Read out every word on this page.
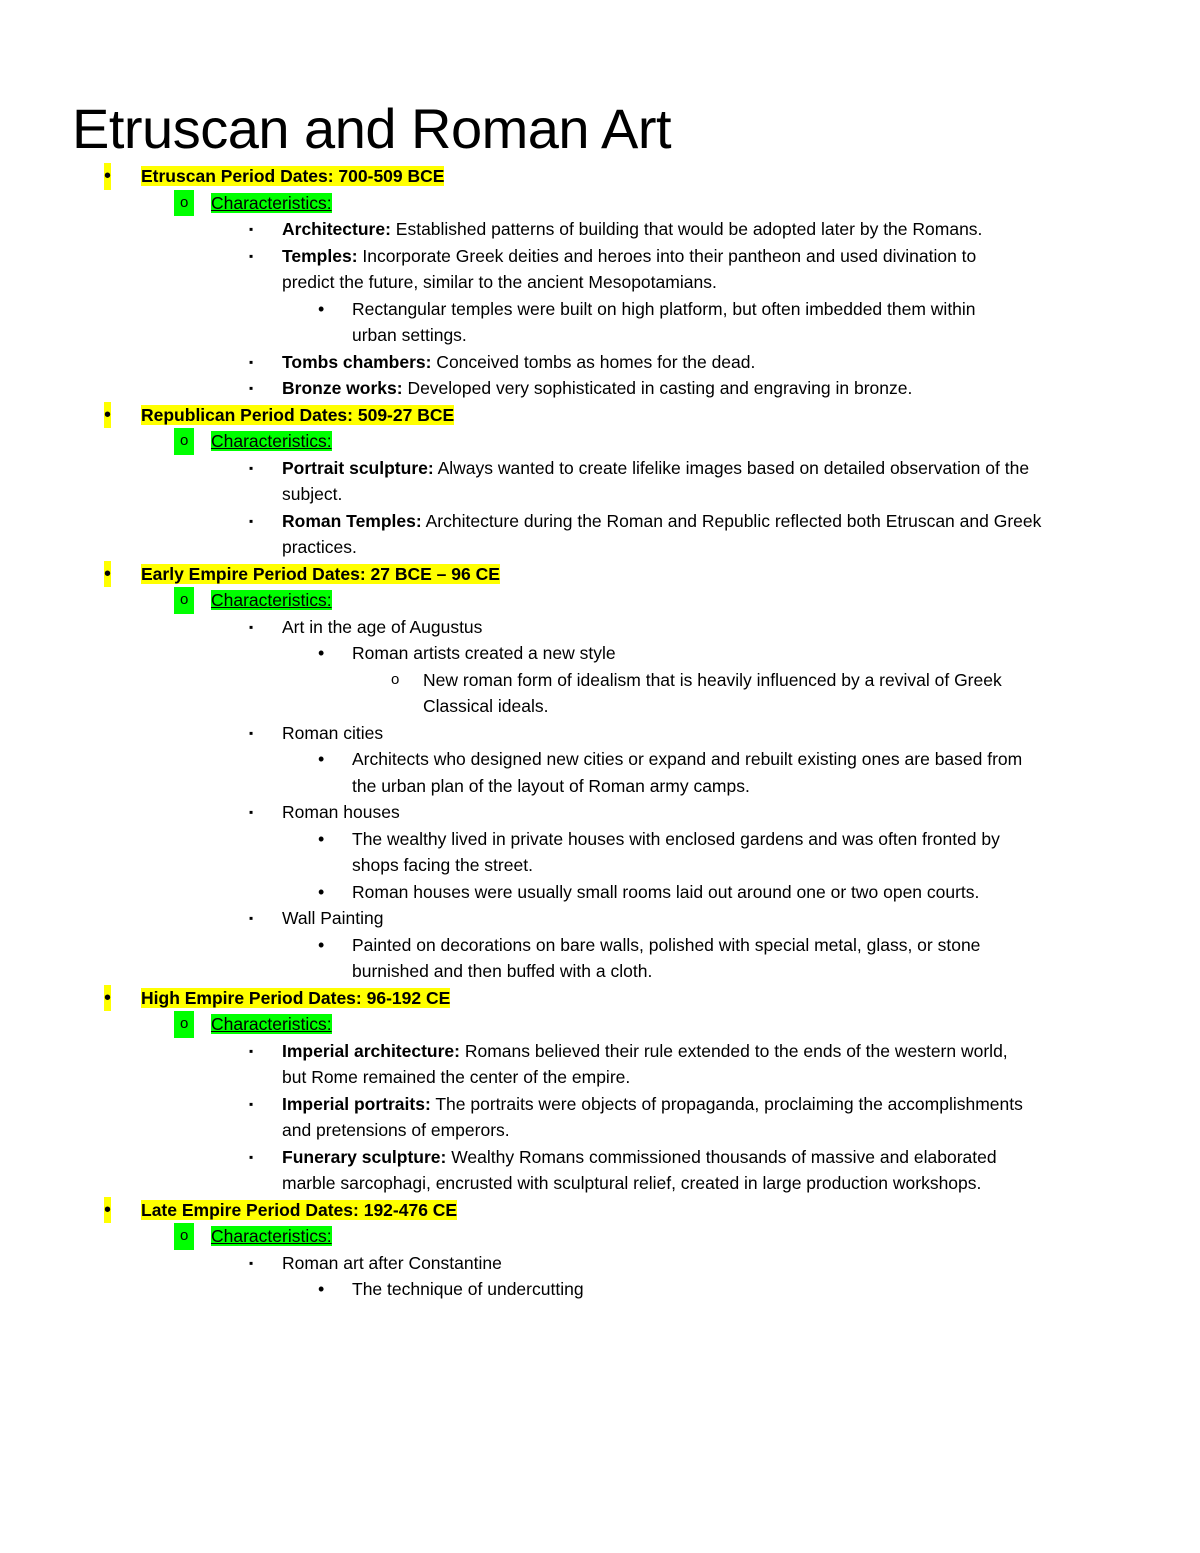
Etruscan and Roman Art
• Etruscan Period Dates: 700-509 BCE
o	Characteristics:
▪ Architecture: Established patterns of building that would be adopted later by the Romans.
▪ Temples: Incorporate Greek deities and heroes into their pantheon and used divination to
predict the future, similar to the ancient Mesopotamians.
• Rectangular temples were built on high platform, but often imbedded them within
urban settings.
▪ Tombs chambers: Conceived tombs as homes for the dead.
▪ Bronze works: Developed very sophisticated in casting and engraving in bronze.
• Republican Period Dates: 509-27 BCE
o	Characteristics:
▪ Portrait sculpture: Always wanted to create lifelike images based on detailed observation of the
subject.
▪ Roman Temples: Architecture during the Roman and Republic reflected both Etruscan and Greek
practices.
• Early Empire Period Dates: 27 BCE – 96 CE
o	Characteristics:
▪ Art in the age of Augustus
• Roman artists created a new style
o New roman form of idealism that is heavily influenced by a revival of Greek
Classical ideals.
▪ Roman cities
• Architects who designed new cities or expand and rebuilt existing ones are based from
the urban plan of the layout of Roman army camps.
▪ Roman houses
• The wealthy lived in private houses with enclosed gardens and was often fronted by
shops facing the street.
• Roman houses were usually small rooms laid out around one or two open courts.
▪ Wall Painting
• Painted on decorations on bare walls, polished with special metal, glass, or stone
burnished and then buffed with a cloth.
• High Empire Period Dates: 96-192 CE
o	Characteristics:
▪ Imperial architecture: Romans believed their rule extended to the ends of the western world,
but Rome remained the center of the empire.
▪ Imperial portraits: The portraits were objects of propaganda, proclaiming the accomplishments
and pretensions of emperors.
▪ Funerary sculpture: Wealthy Romans commissioned thousands of massive and elaborated
marble sarcophagi, encrusted with sculptural relief, created in large production workshops.
• Late Empire Period Dates: 192-476 CE
o	Characteristics:
▪ Roman art after Constantine
• The technique of undercutting
